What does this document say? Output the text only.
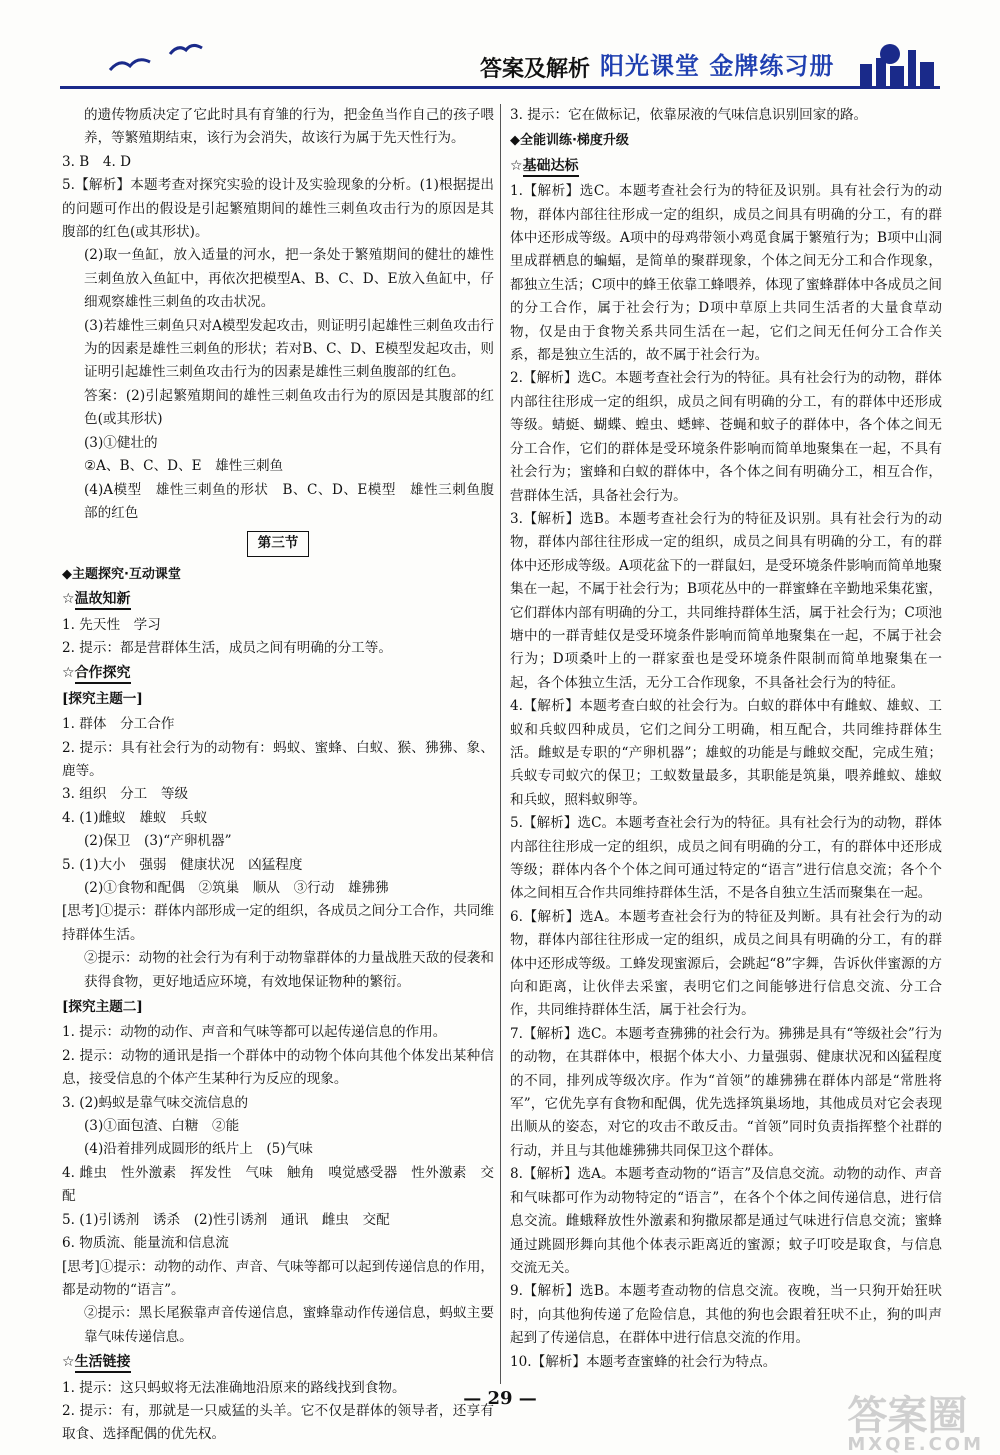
答案及解析 阳光课堂 金牌练习册
的遗传物质决定了它此时具有育雏的行为，把金鱼当作自己的孩子喂养，等繁殖期结束，该行为会消失，故该行为属于先天性行为。
3. B　4. D
5.【解析】本题考查对探究实验的设计及实验现象的分析。(1)根据提出的问题可作出的假设是引起繁殖期间的雄性三刺鱼攻击行为的原因是其腹部的红色(或其形状)。
(2)取一鱼缸，放入适量的河水，把一条处于繁殖期间的健壮的雄性三刺鱼放入鱼缸中，再依次把模型A、B、C、D、E放入鱼缸中，仔细观察雄性三刺鱼的攻击状况。
(3)若雄性三刺鱼只对A模型发起攻击，则证明引起雄性三刺鱼攻击行为的因素是雄性三刺鱼的形状；若对B、C、D、E模型发起攻击，则证明引起雄性三刺鱼攻击行为的因素是雄性三刺鱼腹部的红色。
答案：(2)引起繁殖期间的雄性三刺鱼攻击行为的原因是其腹部的红色(或其形状)
(3)①健壮的
②A、B、C、D、E　雄性三刺鱼
(4)A模型　雄性三刺鱼的形状　B、C、D、E模型　雄性三刺鱼腹部的红色
第三节
◆主题探究·互动课堂
☆温故知新
1. 先天性　学习
2. 提示：都是营群体生活，成员之间有明确的分工等。
☆合作探究
[探究主题一]
1. 群体　分工合作
2. 提示：具有社会行为的动物有：蚂蚁、蜜蜂、白蚁、猴、狒狒、象、鹿等。
3. 组织　分工　等级
4. (1)雌蚁　雄蚁　兵蚁
(2)保卫　(3)“产卵机器”
5. (1)大小　强弱　健康状况　凶猛程度
(2)①食物和配偶　②筑巢　顺从　③行动　雄狒狒
[思考]①提示：群体内部形成一定的组织，各成员之间分工合作，共同维持群体生活。
②提示：动物的社会行为有利于动物靠群体的力量战胜天敌的侵袭和获得食物，更好地适应环境，有效地保证物种的繁衍。
[探究主题二]
1. 提示：动物的动作、声音和气味等都可以起传递信息的作用。
2. 提示：动物的通讯是指一个群体中的动物个体向其他个体发出某种信息，接受信息的个体产生某种行为反应的现象。
3. (2)蚂蚁是靠气味交流信息的
(3)①面包渣、白糖　②能
(4)沿着排列成圆形的纸片上　(5)气味
4. 雌虫　性外激素　挥发性　气味　触角　嗅觉感受器　性外激素　交配
5. (1)引诱剂　诱杀　(2)性引诱剂　通讯　雌虫　交配
6. 物质流、能量流和信息流
[思考]①提示：动物的动作、声音、气味等都可以起到传递信息的作用，都是动物的“语言”。
②提示：黑长尾猴靠声音传递信息，蜜蜂靠动作传递信息，蚂蚁主要靠气味传递信息。
☆生活链接
1. 提示：这只蚂蚁将无法准确地沿原来的路线找到食物。
2. 提示：有，那就是一只威猛的头羊。它不仅是群体的领导者，还享有取食、选择配偶的优先权。
3. 提示：它在做标记，依靠尿液的气味信息识别回家的路。
◆全能训练·梯度升级
☆基础达标
1.【解析】选C。本题考查社会行为的特征及识别。具有社会行为的动物，群体内部往往形成一定的组织，成员之间具有明确的分工，有的群体中还形成等级。A项中的母鸡带领小鸡觅食属于繁殖行为；B项中山洞里成群栖息的蝙蝠，是简单的聚群现象，个体之间无分工和合作现象，都独立生活；C项中的蜂王依靠工蜂喂养，体现了蜜蜂群体中各成员之间的分工合作，属于社会行为；D项中草原上共同生活者的大量食草动物，仅是由于食物关系共同生活在一起，它们之间无任何分工合作关系，都是独立生活的，故不属于社会行为。
2.【解析】选C。本题考查社会行为的特征。具有社会行为的动物，群体内部往往形成一定的组织，成员之间有明确的分工，有的群体中还形成等级。蜻蜓、蝴蝶、蝗虫、蟋蟀、苍蝇和蚊子的群体中，各个体之间无分工合作，它们的群体是受环境条件影响而简单地聚集在一起，不具有社会行为；蜜蜂和白蚁的群体中，各个体之间有明确分工，相互合作，营群体生活，具备社会行为。
3.【解析】选B。本题考查社会行为的特征及识别。具有社会行为的动物，群体内部往往形成一定的组织，成员之间具有明确的分工，有的群体中还形成等级。A项花盆下的一群鼠妇，是受环境条件影响而简单地聚集在一起，不属于社会行为；B项花丛中的一群蜜蜂在辛勤地采集花蜜，它们群体内部有明确的分工，共同维持群体生活，属于社会行为；C项池塘中的一群青蛙仅是受环境条件影响而简单地聚集在一起，不属于社会行为；D项桑叶上的一群家蚕也是受环境条件限制而简单地聚集在一起，各个体独立生活，无分工合作现象，不具备社会行为的特征。
4.【解析】本题考查白蚁的社会行为。白蚁的群体中有雌蚁、雄蚁、工蚁和兵蚁四种成员，它们之间分工明确，相互配合，共同维持群体生活。雌蚁是专职的“产卵机器”；雄蚁的功能是与雌蚁交配，完成生殖；兵蚁专司蚁穴的保卫；工蚁数量最多，其职能是筑巢，喂养雌蚁、雄蚁和兵蚁，照料蚁卵等。
5.【解析】选C。本题考查社会行为的特征。具有社会行为的动物，群体内部往往形成一定的组织，成员之间有明确的分工，有的群体中还形成等级；群体内各个个体之间可通过特定的“语言”进行信息交流；各个个体之间相互合作共同维持群体生活，不是各自独立生活而聚集在一起。
6.【解析】选A。本题考查社会行为的特征及判断。具有社会行为的动物，群体内部往往形成一定的组织，成员之间具有明确的分工，有的群体中还形成等级。工蜂发现蜜源后，会跳起“8”字舞，告诉伙伴蜜源的方向和距离，让伙伴去采蜜，表明它们之间能够进行信息交流、分工合作，共同维持群体生活，属于社会行为。
7.【解析】选C。本题考查狒狒的社会行为。狒狒是具有“等级社会”行为的动物，在其群体中，根据个体大小、力量强弱、健康状况和凶猛程度的不同，排列成等级次序。作为“首领”的雄狒狒在群体内部是“常胜将军”，它优先享有食物和配偶，优先选择筑巢场地，其他成员对它会表现出顺从的姿态，对它的攻击不敢反击。“首领”同时负责指挥整个社群的行动，并且与其他雄狒狒共同保卫这个群体。
8.【解析】选A。本题考查动物的“语言”及信息交流。动物的动作、声音和气味都可作为动物特定的“语言”，在各个个体之间传递信息，进行信息交流。雌蛾释放性外激素和狗撒尿都是通过气味进行信息交流；蜜蜂通过跳圆形舞向其他个体表示距离近的蜜源；蚊子叮咬是取食，与信息交流无关。
9.【解析】选B。本题考查动物的信息交流。夜晚，当一只狗开始狂吠时，向其他狗传递了危险信息，其他的狗也会跟着狂吠不止，狗的叫声起到了传递信息，在群体中进行信息交流的作用。
10.【解析】本题考查蜜蜂的社会行为特点。
— 29 —	答案圈
MXQE.COM
